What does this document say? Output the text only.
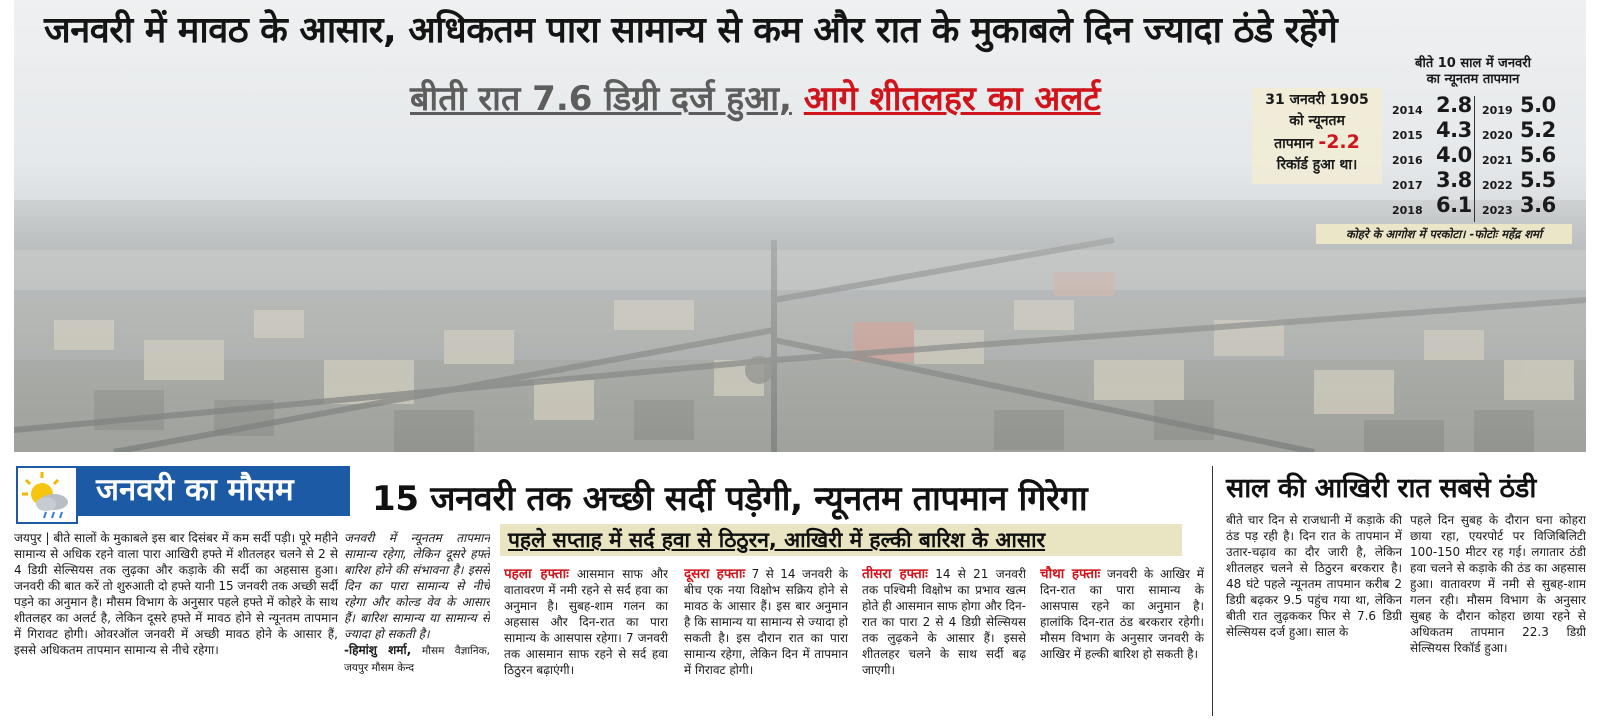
जनवरी में मावठ के आसार, अधिकतम पारा सामान्य से कम और रात के मुकाबले दिन ज्यादा ठंडे रहेंगे
बीती रात 7.6 डिग्री दर्ज हुआ, आगे शीतलहर का अलर्ट	31 जनवरी 1905
को न्यूनतम
तापमान -2.2
रिकॉर्ड हुआ था।
बीते 10 साल में जनवरी
का न्यूनतम तापमान
2014 2.8 2019 5.0
2015 4.3 2020 5.2
2016 4.0 2021 5.6
2017 3.8 2022 5.5
2018 6.1 2023 3.6
कोहरे के आगोश में परकोटा। -फोटोः महेंद्र शर्मा
जनवरी का मौसम	15 जनवरी तक अच्छी सर्दी पड़ेगी, न्यूनतम तापमान गिरेगा
पहले सप्ताह में सर्द हवा से ठिठुरन, आखिरी में हल्की बारिश के आसार

जयपुर | बीते सालों के मुकाबले इस बार दिसंबर में कम सर्दी पड़ी। पूरे महीने सामान्य से अधिक रहने वाला पारा आखिरी हफ्ते में शीतलहर चलने से 2 से 4 डिग्री सेल्सियस तक लुढ़का और कड़ाके की सर्दी का अहसास हुआ। जनवरी की बात करें तो शुरुआती दो हफ्ते यानी 15 जनवरी तक अच्छी सर्दी पड़ने का अनुमान है। मौसम विभाग के अनुसार पहले हफ्ते में कोहरे के साथ शीतलहर का अलर्ट है, लेकिन दूसरे हफ्ते में मावठ होने से न्यूनतम तापमान में गिरावट होगी। ओवरऑल जनवरी में अच्छी मावठ होने के आसार हैं, इससे अधिकतम तापमान सामान्य से नीचे रहेगा।

जनवरी में न्यूनतम तापमान सामान्य रहेगा, लेकिन दूसरे हफ्ते बारिश होने की संभावना है। इससे दिन का पारा सामान्य से नीचे रहेगा और कोल्ड वेव के आसार हैं। बारिश सामान्य या सामान्य से ज्यादा हो सकती है।

-हिमांशु शर्मा, मौसम वैज्ञानिक, जयपुर मौसम केन्द

पहला हफ्ताः आसमान साफ और वातावरण में नमी रहने से सर्द हवा का अनुमान है। सुबह-शाम गलन का अहसास और दिन-रात का पारा सामान्य के आसपास रहेगा। 7 जनवरी तक आसमान साफ रहने से सर्द हवा ठिठुरन बढ़ाएंगी।

दूसरा हफ्ताः 7 से 14 जनवरी के बीच एक नया विक्षोभ सक्रिय होने से मावठ के आसार हैं। इस बार अनुमान है कि सामान्य या सामान्य से ज्यादा हो सकती है। इस दौरान रात का पारा सामान्य रहेगा, लेकिन दिन में तापमान में गिरावट होगी।

तीसरा हफ्ताः 14 से 21 जनवरी तक पश्चिमी विक्षोभ का प्रभाव खत्म होते ही आसमान साफ होगा और दिन-रात का पारा 2 से 4 डिग्री सेल्सियस तक लुढ़कने के आसार हैं। इससे शीतलहर चलने के साथ सर्दी बढ़ जाएगी।

चौथा हफ्ताः जनवरी के आखिर में दिन-रात का पारा सामान्य के आसपास रहने का अनुमान है। हालांकि दिन-रात ठंड बरकरार रहेगी। मौसम विभाग के अनुसार जनवरी के आखिर में हल्की बारिश हो सकती है।

साल की आखिरी रात सबसे ठंडी

बीते चार दिन से राजधानी में कड़ाके की ठंड पड़ रही है। दिन रात के तापमान में उतार-चढ़ाव का दौर जारी है, लेकिन शीतलहर चलने से ठिठुरन बरकरार है। 48 घंटे पहले न्यूनतम तापमान करीब 2 डिग्री बढ़कर 9.5 पहुंच गया था, लेकिन बीती रात लुढ़ककर फिर से 7.6 डिग्री सेल्सियस दर्ज हुआ। साल के

पहले दिन सुबह के दौरान घना कोहरा छाया रहा, एयरपोर्ट पर विजिबिलिटी 100-150 मीटर रह गई। लगातार ठंडी हवा चलने से कड़ाके की ठंड का अहसास हुआ। वातावरण में नमी से सुबह-शाम गलन रही। मौसम विभाग के अनुसार सुबह के दौरान कोहरा छाया रहने से अधिकतम तापमान 22.3 डिग्री सेल्सियस रिकॉर्ड हुआ।
